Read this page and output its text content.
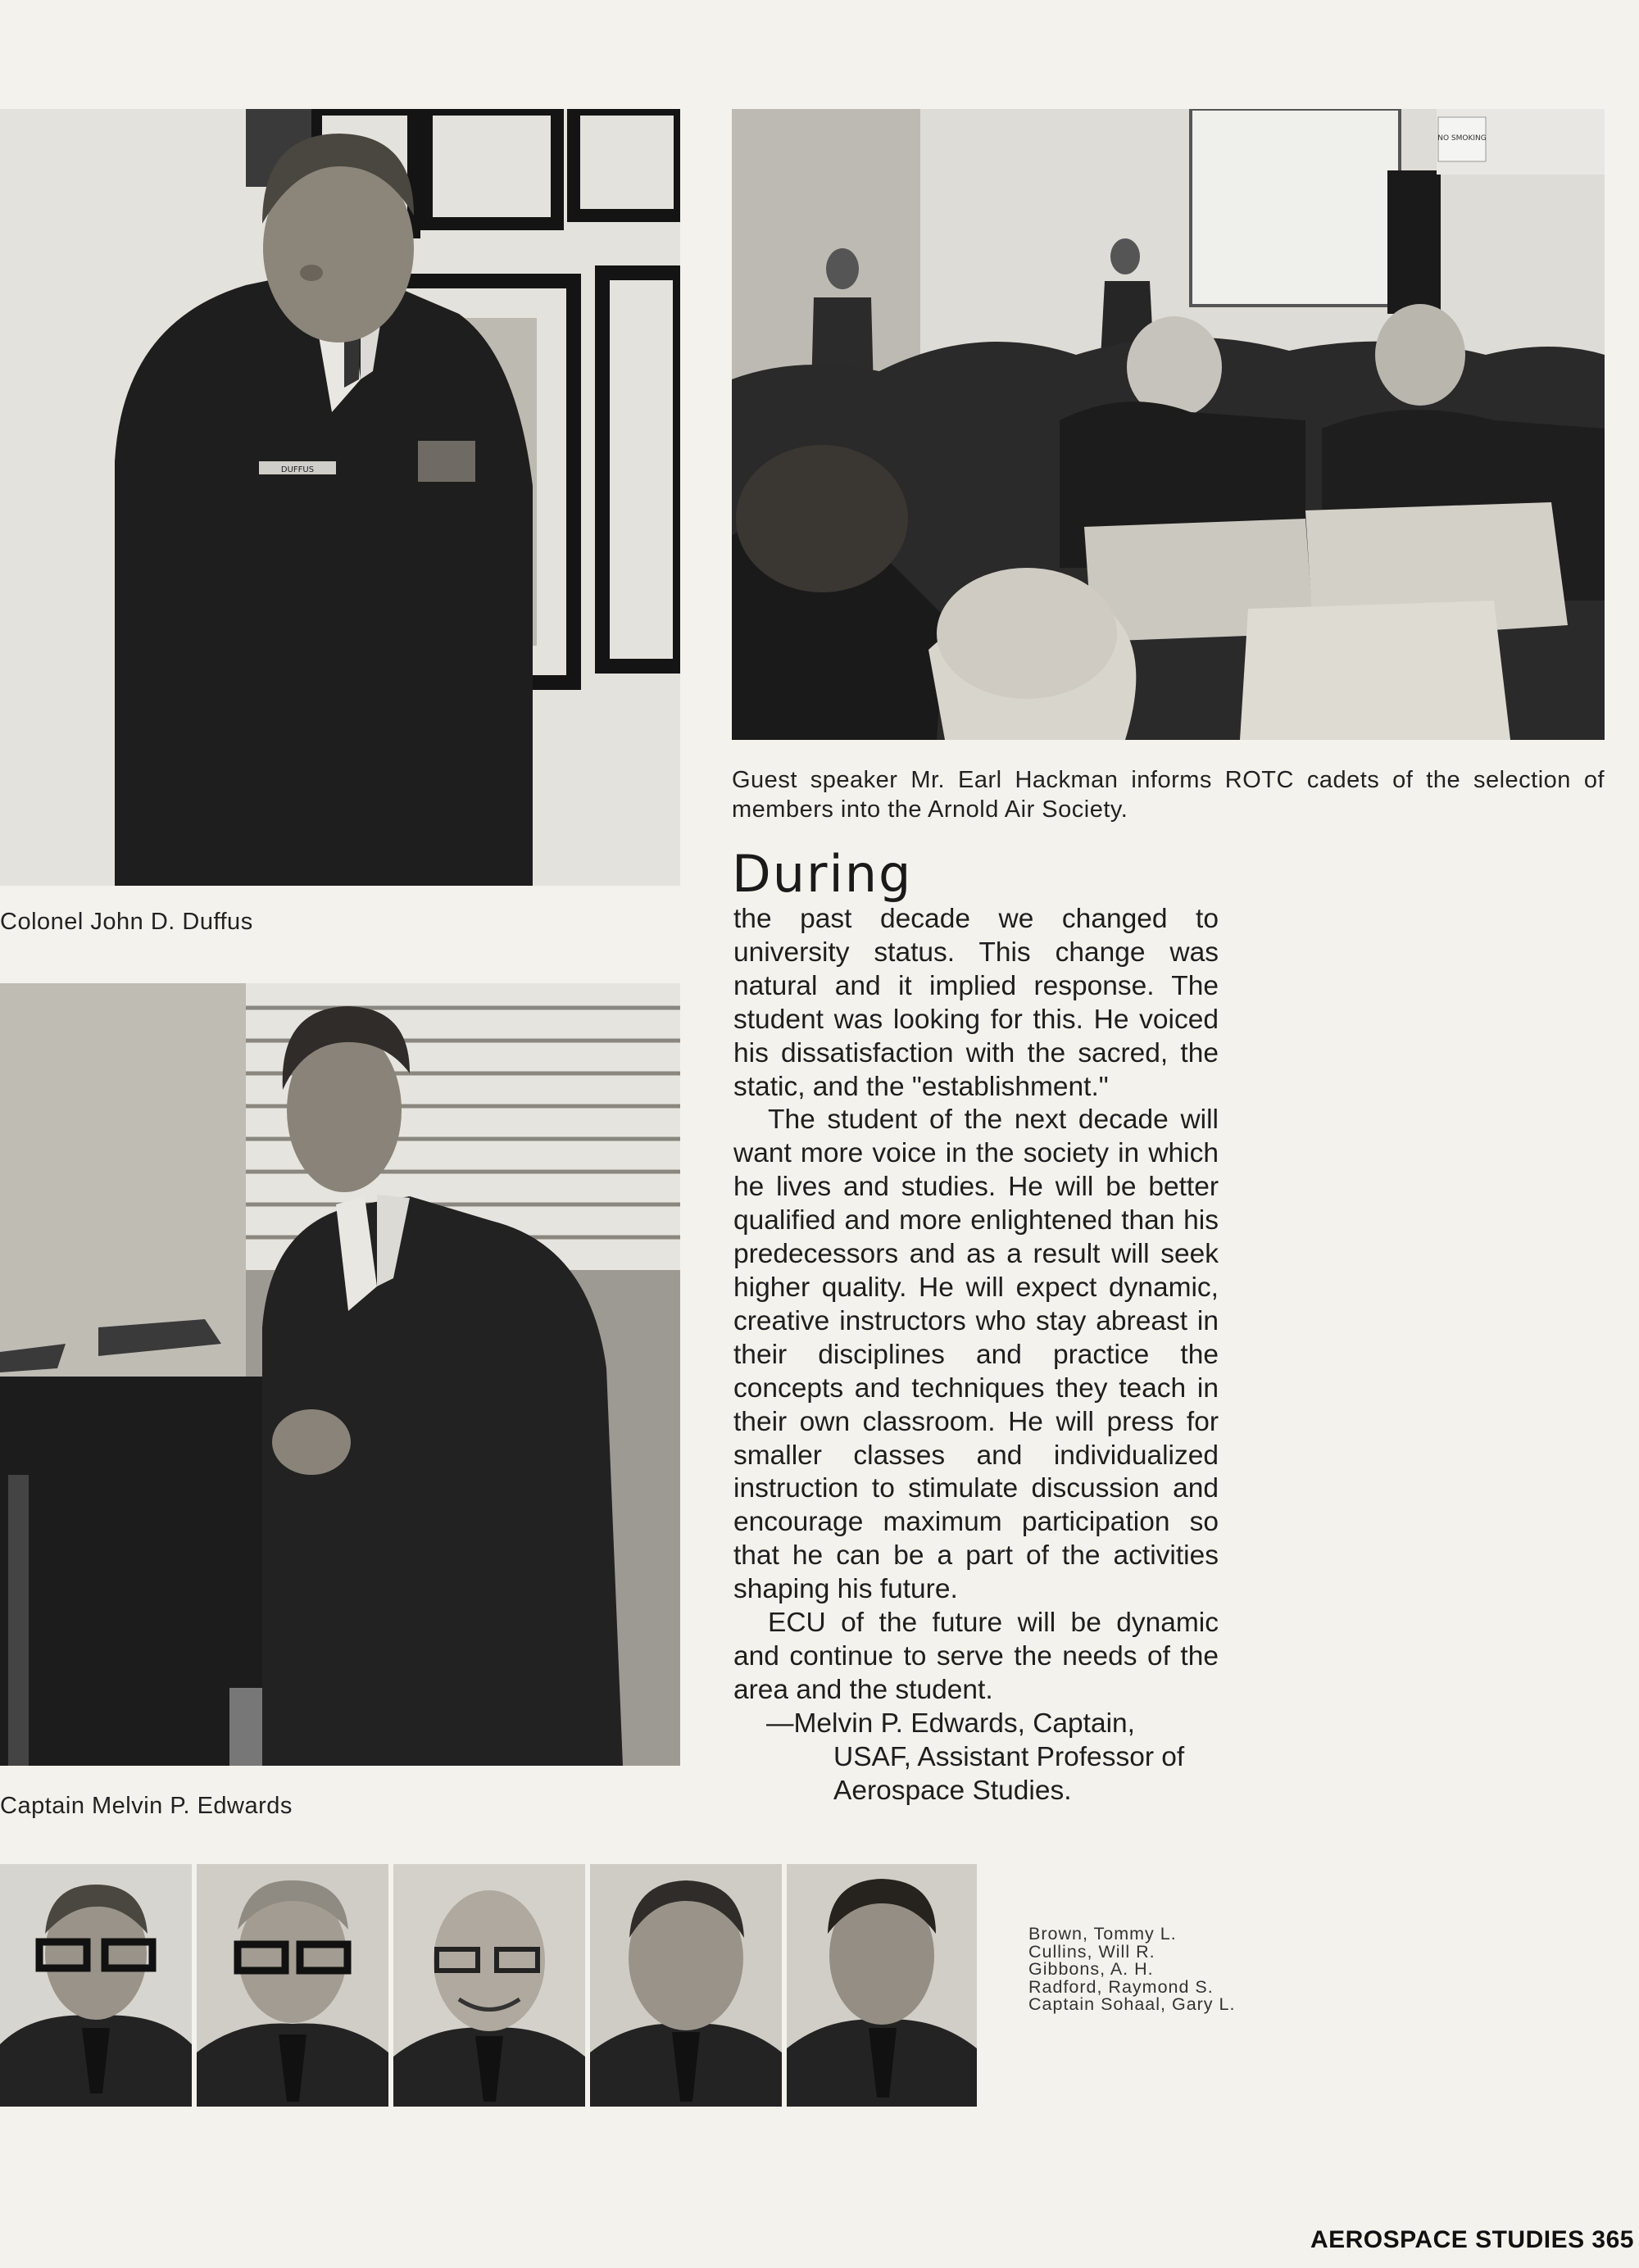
DUFFUS
Colonel John D. Duffus
NO SMOKING
Guest speaker Mr. Earl Hackman informs ROTC cadets of the selection of members into the Arnold Air Society.
Captain Melvin P. Edwards
During

the past decade we changed to university status. This change was natural and it implied response. The student was looking for this. He voiced his dissatisfaction with the sacred, the static, and the "establishment."

The student of the next decade will want more voice in the society in which he lives and studies. He will be better qualified and more enlightened than his predecessors and as a result will seek higher quality. He will expect dynamic, creative instructors who stay abreast in their disciplines and practice the concepts and techniques they teach in their own classroom. He will press for smaller classes and individualized instruction to stimulate discussion and encourage maximum participation so that he can be a part of the activities shaping his future.

ECU of the future will be dynamic and continue to serve the needs of the area and the student.

—Melvin P. Edwards, Captain, USAF, Assistant Professor of Aerospace Studies.

Brown, Tommy L.
Cullins, Will R.
Gibbons, A. H.
Radford, Raymond S.
Captain Sohaal, Gary L.
AEROSPACE STUDIES 365
